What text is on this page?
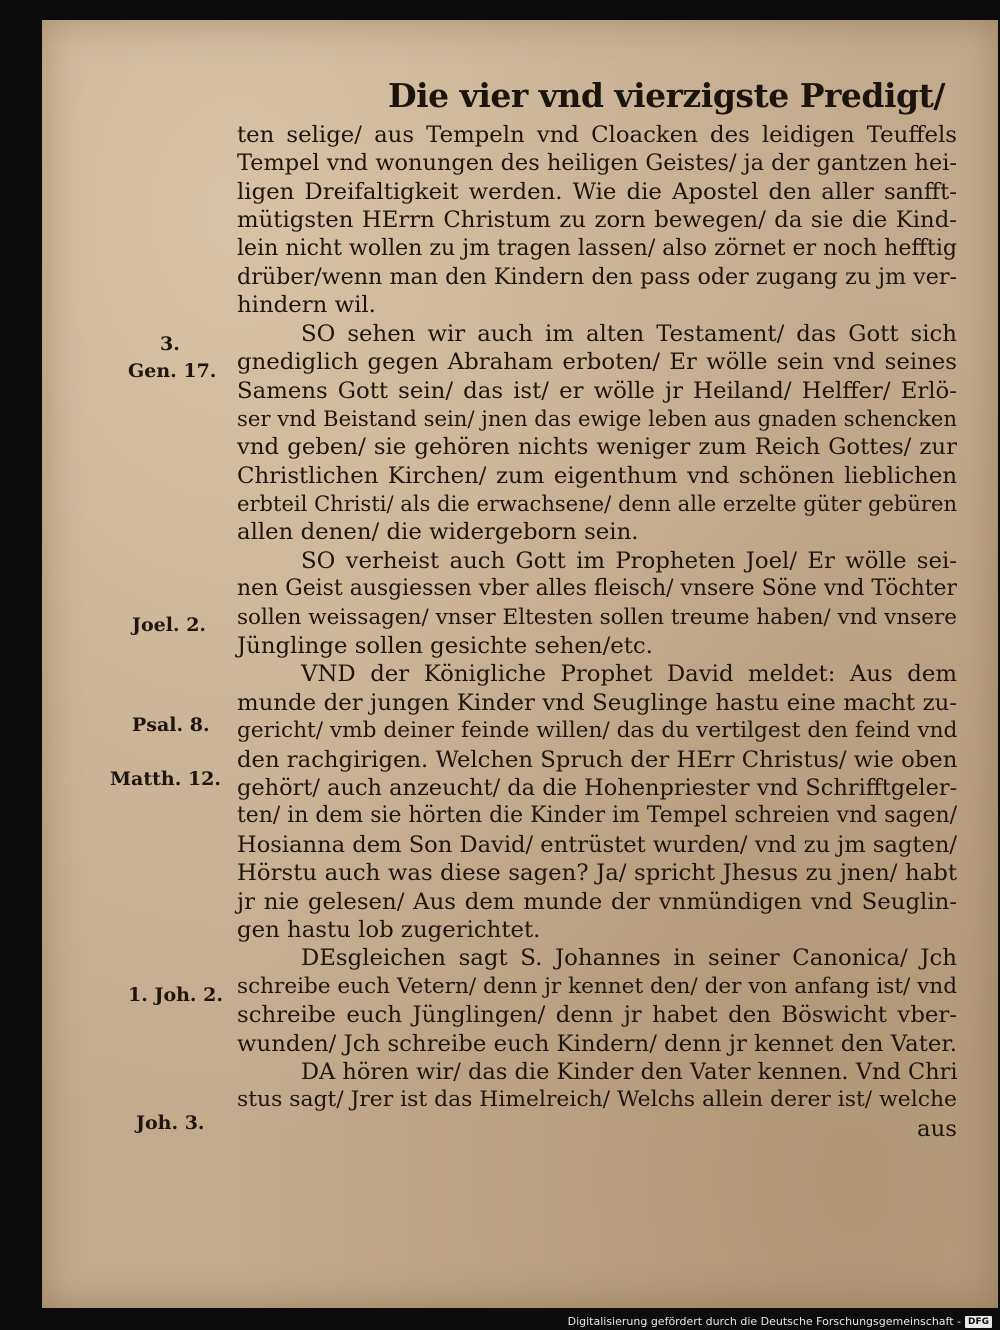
Die vier vnd vierzigste Predigt/
ten selige/ aus Tempeln vnd Cloacken des leidigen Teuffels
Tempel vnd wonungen des heiligen Geistes/ ja der gantzen hei-
ligen Dreifaltigkeit werden. Wie die Apostel den aller sanfft-
mütigsten HErrn Christum zu zorn bewegen/ da sie die Kind-
lein nicht wollen zu jm tragen lassen/ also zörnet er noch hefftig
drüber/wenn man den Kindern den pass oder zugang zu jm ver-
hindern wil.
SO sehen wir auch im alten Testament/ das Gott sich
gnediglich gegen Abraham erboten/ Er wölle sein vnd seines
Samens Gott sein/ das ist/ er wölle jr Heiland/ Helffer/ Erlö-
ser vnd Beistand sein/ jnen das ewige leben aus gnaden schencken
vnd geben/ sie gehören nichts weniger zum Reich Gottes/ zur
Christlichen Kirchen/ zum eigenthum vnd schönen lieblichen
erbteil Christi/ als die erwachsene/ denn alle erzelte güter gebüren
allen denen/ die widergeborn sein.
SO verheist auch Gott im Propheten Joel/ Er wölle sei-
nen Geist ausgiessen vber alles fleisch/ vnsere Söne vnd Töchter
sollen weissagen/ vnser Eltesten sollen treume haben/ vnd vnsere
Jünglinge sollen gesichte sehen/etc.
VND der Königliche Prophet David meldet: Aus dem
munde der jungen Kinder vnd Seuglinge hastu eine macht zu-
gericht/ vmb deiner feinde willen/ das du vertilgest den feind vnd
den rachgirigen. Welchen Spruch der HErr Christus/ wie oben
gehört/ auch anzeucht/ da die Hohenpriester vnd Schrifftgeler-
ten/ in dem sie hörten die Kinder im Tempel schreien vnd sagen/
Hosianna dem Son David/ entrüstet wurden/ vnd zu jm sagten/
Hörstu auch was diese sagen? Ja/ spricht Jhesus zu jnen/ habt
jr nie gelesen/ Aus dem munde der vnmündigen vnd Seuglin-
gen hastu lob zugerichtet.
DEsgleichen sagt S. Johannes in seiner Canonica/ Jch
schreibe euch Vetern/ denn jr kennet den/ der von anfang ist/ vnd
schreibe euch Jünglingen/ denn jr habet den Böswicht vber-
wunden/ Jch schreibe euch Kindern/ denn jr kennet den Vater.
DA hören wir/ das die Kinder den Vater kennen. Vnd Chri
stus sagt/ Jrer ist das Himelreich/ Welchs allein derer ist/ welche
aus
3.
Gen. 17.
Joel. 2.
Psal. 8.
Matth. 12.
1. Joh. 2.
Joh. 3.
Digitalisierung gefördert durch die Deutsche Forschungsgemeinschaft - DFG
